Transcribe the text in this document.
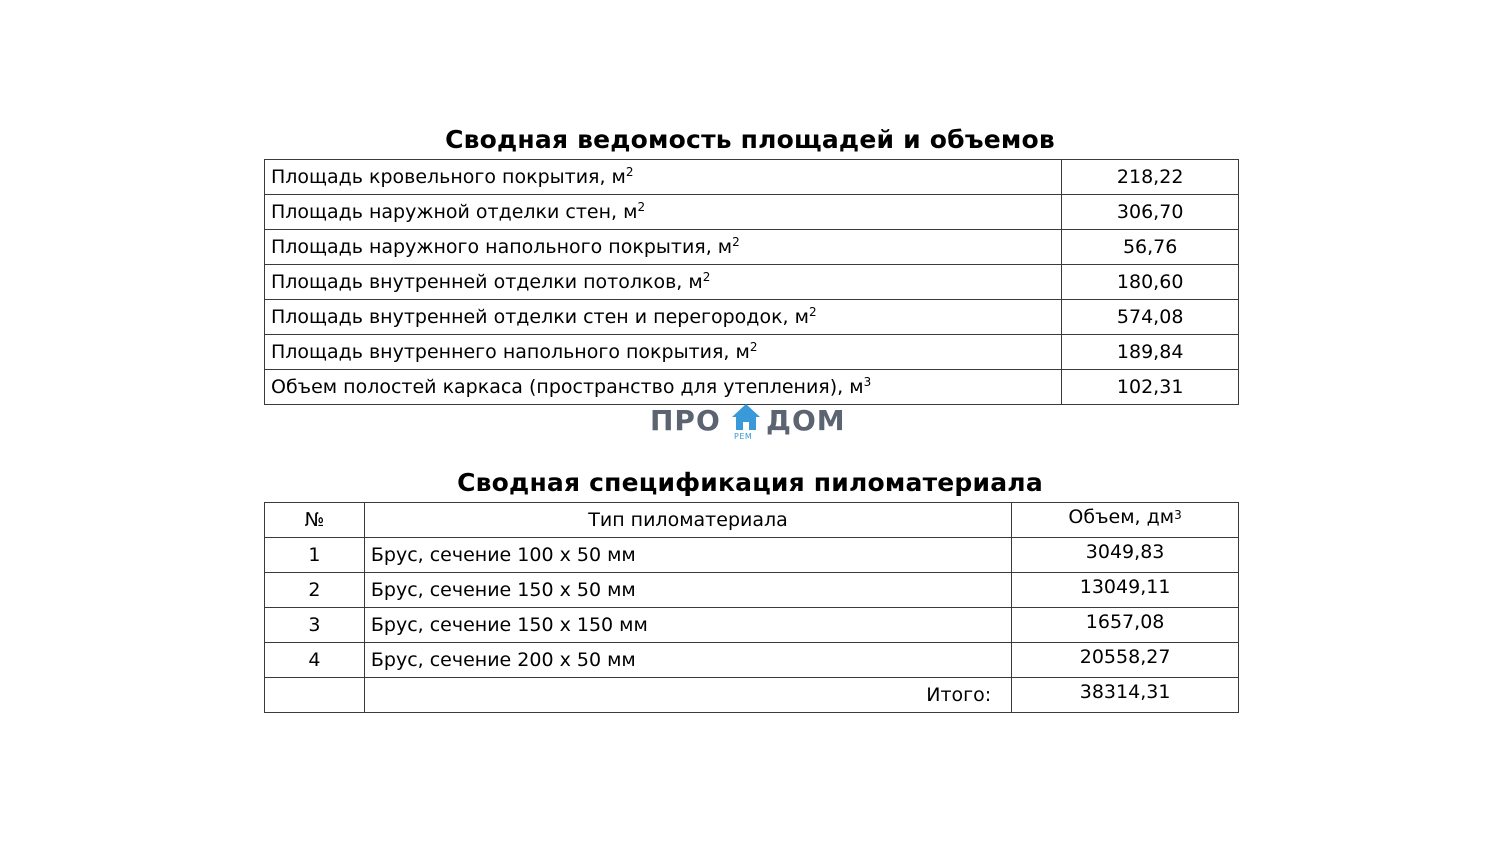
Сводная ведомость площадей и объемов
Площадь кровельного покрытия, $м^2$	218,22
Площадь наружной отделки стен, $м^2$	306,70
Площадь наружного напольного покрытия, $м^2$	56,76
Площадь внутренней отделки потолков, $м^2$	180,60
Площадь внутренней отделки стен и перегородок, $м^2$	574,08
Площадь внутреннего напольного покрытия, $м^2$	189,84
Объем полостей каркаса (пространство для утепления), $м^3$	102,31
ПРО РЕМ ДОМ
Сводная спецификация пиломатериала
№	Тип пиломатериала	Объем, $дм^3$
1	Брус, сечение 100 х 50 мм	3049,83
2	Брус, сечение 150 х 50 мм	13049,11
3	Брус, сечение 150 х 150 мм	1657,08
4	Брус, сечение 200 х 50 мм	20558,27
	Итого:	38314,31
